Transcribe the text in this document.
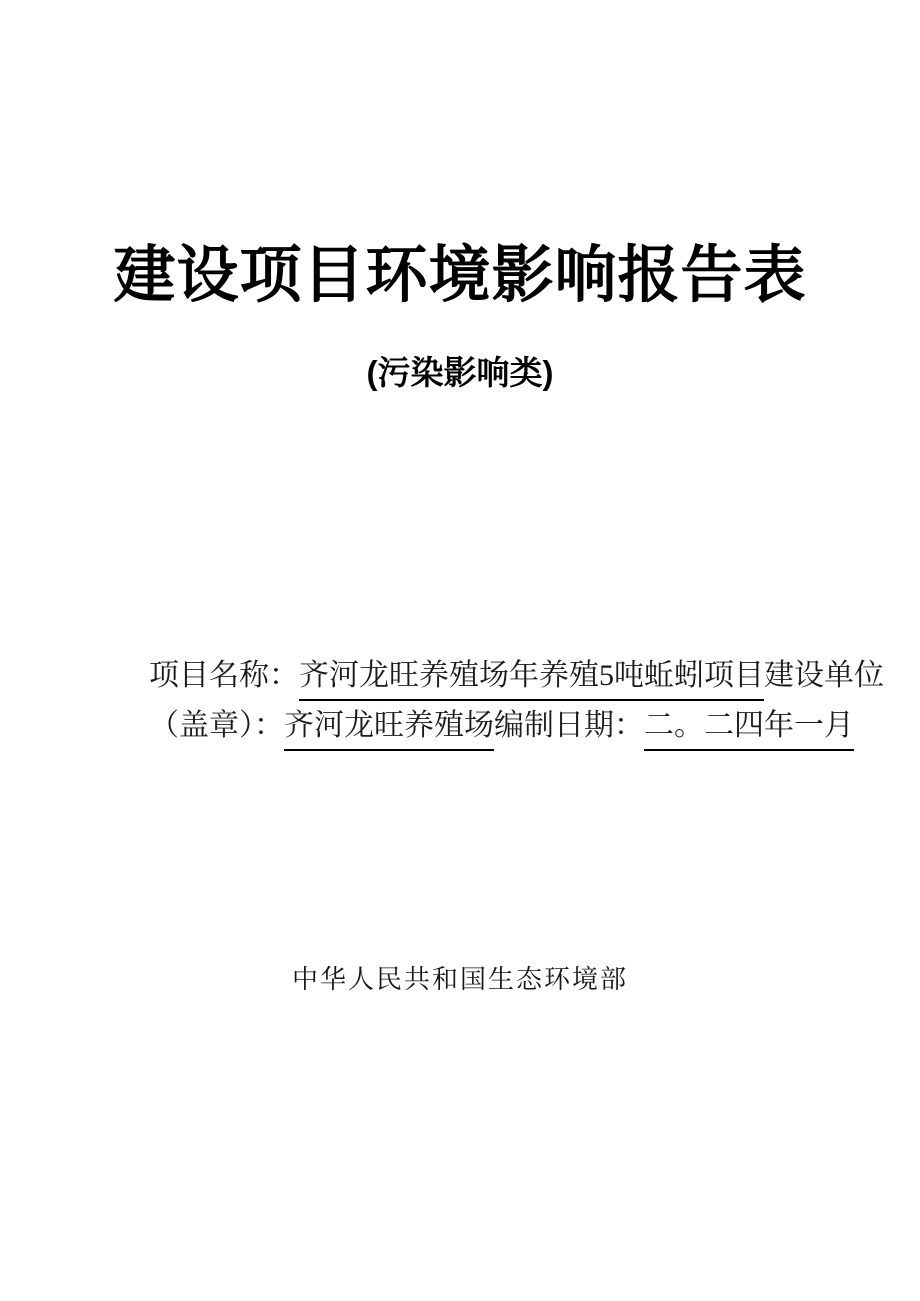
建设项目环境影响报告表
(污染影响类)
项目名称： 齐河龙旺养殖场年养殖5吨蚯蚓项目 建设单位
（盖章）： 齐河龙旺养殖场 编制日期： 二。二四年一月
中华人民共和国生态环境部
